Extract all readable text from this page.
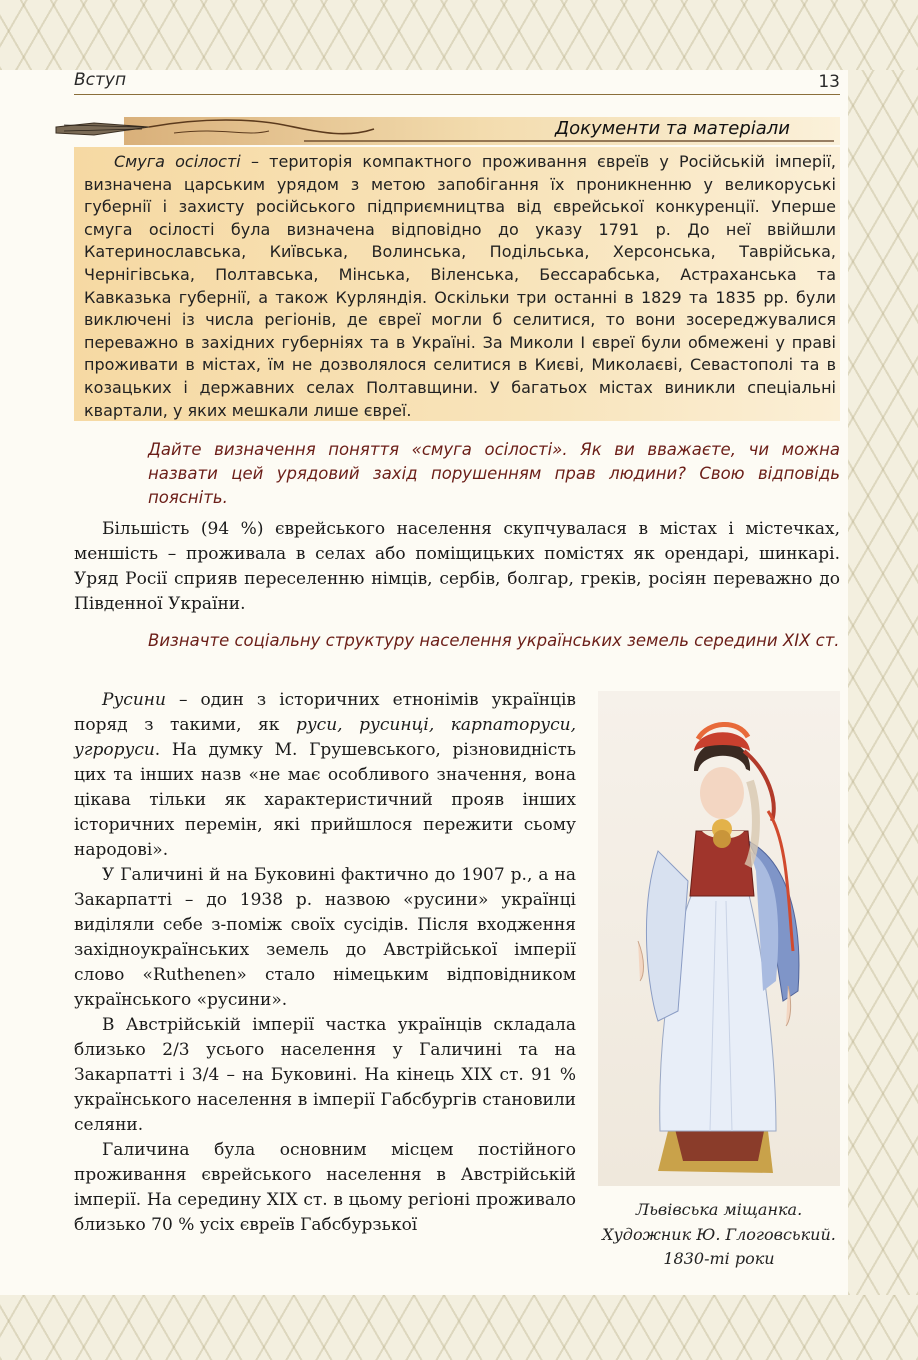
Вступ	13
Документи та матеріали
Смуга осілості – територія компактного проживання євреїв у Російській імперії, визначена царським урядом з метою запобігання їх проникненню у великоруські губернії і захисту російського підприємництва від єврейської конкуренції. Уперше смуга осілості була визначена відповідно до указу 1791 р. До неї ввійшли Катеринославська, Київська, Волинська, Подільська, Херсонська, Таврійська, Чернігівська, Полтавська, Мінська, Віленська, Бессарабська, Астраханська та Кавказька губернії, а також Курляндія. Оскільки три останні в 1829 та 1835 рр. були виключені із числа регіонів, де євреї могли б селитися, то вони зосереджувалися переважно в західних губерніях та в Україні. За Миколи І євреї були обмежені у праві проживати в містах, їм не дозволялося селитися в Києві, Миколаєві, Севастополі та в козацьких і державних селах Полтавщини. У багатьох містах виникли спеціальні квартали, у яких мешкали лише євреї.
Дайте визначення поняття «смуга осілості». Як ви вважаєте, чи можна назвати цей урядовий захід порушенням прав людини? Свою відповідь поясніть.
Більшість (94 %) єврейського населення скупчувалася в містах і містечках, меншість – проживала в селах або поміщицьких помістях як орендарі, шинкарі. Уряд Росії сприяв переселенню німців, сербів, болгар, греків, росіян переважно до Південної України.
Визначте соціальну структуру населення українських земель середини XIX ст.

Русини – один з історичних етнонімів українців поряд з такими, як руси, русинці, карпаторуси, угроруси. На думку М. Грушевського, різновидність цих та інших назв «не має особливого значення, вона цікава тільки як характеристичний прояв інших історичних перемін, які прийшлося пережити сьому народові».

У Галичині й на Буковині фактично до 1907 р., а на Закарпатті – до 1938 р. назвою «русини» українці виділяли себе з-поміж своїх сусідів. Після входження західноукраїнських земель до Австрійської імперії слово «Ruthenen» стало німецьким відповідником українського «русини».

В Австрійській імперії частка українців складала близько 2/3 усього населення у Галичині та на Закарпатті і 3/4 – на Буковині. На кінець XIX ст. 91 % українського населення в імперії Габсбургів становили селяни.

Галичина була основним місцем постійного проживання єврейського населення в Австрійській імперії. На середину XIX ст. в цьому регіоні проживало близько 70 % усіх євреїв Габсбурзької

Львівська міщанка.
Художник Ю. Глоговський.
1830-ті роки
